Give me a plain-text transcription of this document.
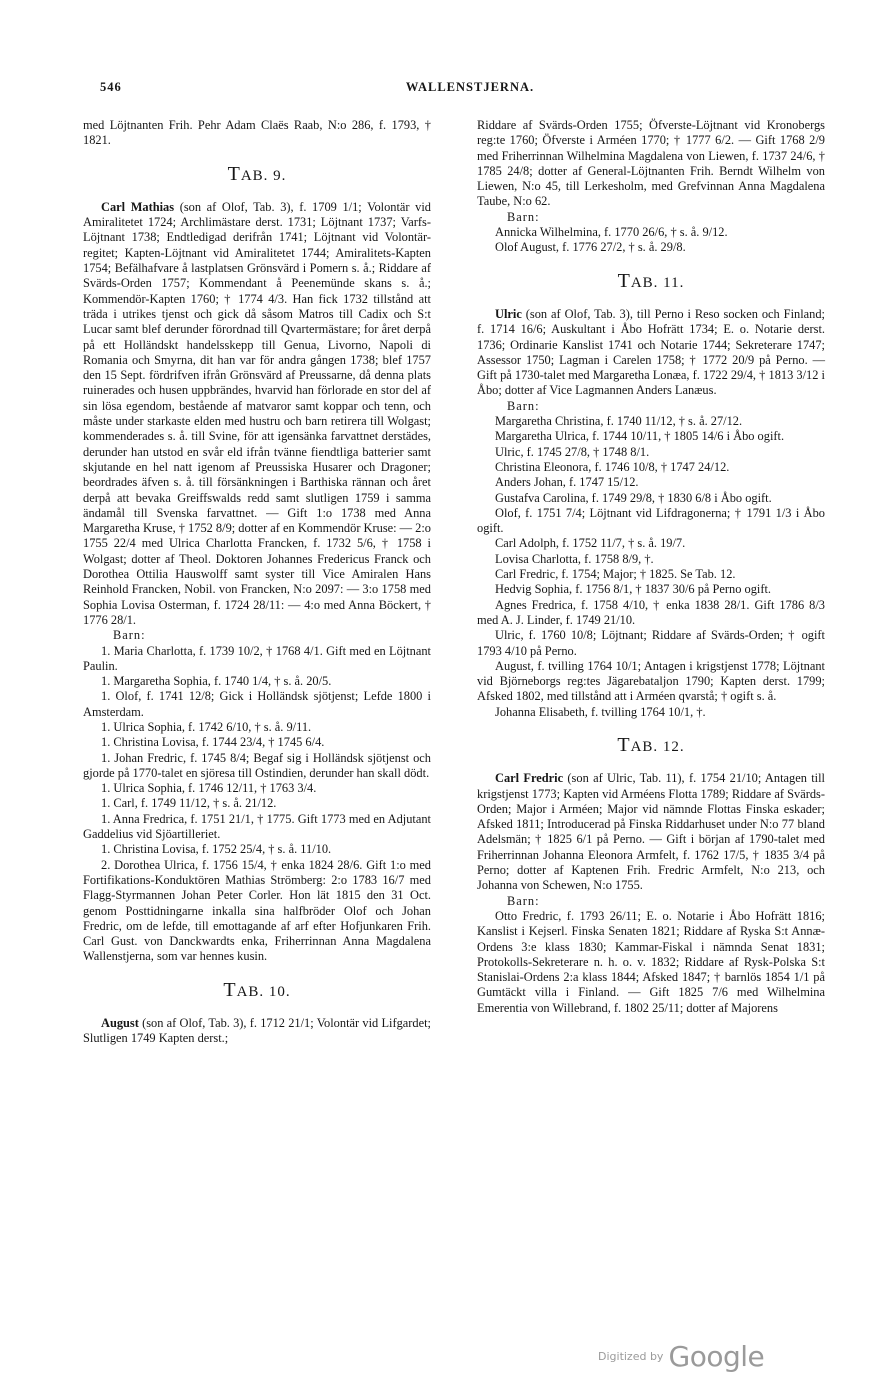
546	WALLENSTJERNA.

med Löjtnanten Frih. Pehr Adam Claës Raab, N:o 286, f. 1793, † 1821.

TAB. 9.

Carl Mathias (son af Olof, Tab. 3), f. 1709 1/1; Volontär vid Amiralitetet 1724; Archlimästare derst. 1731; Löjtnant 1737; Varfs-Löjtnant 1738; Endtledigad derifrån 1741; Löjtnant vid Volontär-regitet; Kapten-Löjtnant vid Amiralitetet 1744; Amiralitets-Kapten 1754; Befälhafvare å lastplatsen Grönsvärd i Pomern s. å.; Riddare af Svärds-Orden 1757; Kommendant å Peenemünde skans s. å.; Kommendör-Kapten 1760; † 1774 4/3. Han fick 1732 tillstånd att träda i utrikes tjenst och gick då såsom Matros till Cadix och S:t Lucar samt blef derunder förordnad till Qvartermästare; for året derpå på ett Holländskt handelsskepp till Genua, Livorno, Napoli di Romania och Smyrna, dit han var för andra gången 1738; blef 1757 den 15 Sept. fördrifven ifrån Grönsvärd af Preussarne, då denna plats ruinerades och husen uppbrändes, hvarvid han förlorade en stor del af sin lösa egendom, bestående af matvaror samt koppar och tenn, och måste under starkaste elden med hustru och barn retirera till Wolgast; kommenderades s. å. till Svine, för att igensänka farvattnet derstädes, derunder han utstod en svår eld ifrån tvänne fiendtliga batterier samt skjutande en hel natt igenom af Preussiska Husarer och Dragoner; beordrades äfven s. å. till försänkningen i Barthiska rännan och året derpå att bevaka Greiffswalds redd samt slutligen 1759 i samma ändamål till Svenska farvattnet. — Gift 1:o 1738 med Anna Margaretha Kruse, † 1752 8/9; dotter af en Kommendör Kruse: — 2:o 1755 22/4 med Ulrica Charlotta Francken, f. 1732 5/6, † 1758 i Wolgast; dotter af Theol. Doktoren Johannes Fredericus Franck och Dorothea Ottilia Hauswolff samt syster till Vice Amiralen Hans Reinhold Francken, Nobil. von Francken, N:o 2097: — 3:o 1758 med Sophia Lovisa Osterman, f. 1724 28/11: — 4:o med Anna Böckert, † 1776 28/1.

Barn:

1. Maria Charlotta, f. 1739 10/2, † 1768 4/1. Gift med en Löjtnant Paulin.

1. Margaretha Sophia, f. 1740 1/4, † s. å. 20/5.

1. Olof, f. 1741 12/8; Gick i Holländsk sjötjenst; Lefde 1800 i Amsterdam.

1. Ulrica Sophia, f. 1742 6/10, † s. å. 9/11.

1. Christina Lovisa, f. 1744 23/4, † 1745 6/4.

1. Johan Fredric, f. 1745 8/4; Begaf sig i Holländsk sjötjenst och gjorde på 1770-talet en sjöresa till Ostindien, derunder han skall dödt.

1. Ulrica Sophia, f. 1746 12/11, † 1763 3/4.

1. Carl, f. 1749 11/12, † s. å. 21/12.

1. Anna Fredrica, f. 1751 21/1, † 1775. Gift 1773 med en Adjutant Gaddelius vid Sjöartilleriet.

1. Christina Lovisa, f. 1752 25/4, † s. å. 11/10.

2. Dorothea Ulrica, f. 1756 15/4, † enka 1824 28/6. Gift 1:o med Fortifikations-Konduktören Mathias Strömberg: 2:o 1783 16/7 med Flagg-Styrmannen Johan Peter Corler. Hon lät 1815 den 31 Oct. genom Posttidningarne inkalla sina halfbröder Olof och Johan Fredric, om de lefde, till emottagande af arf efter Hofjunkaren Frih. Carl Gust. von Danckwardts enka, Friherrinnan Anna Magdalena Wallenstjerna, som var hennes kusin.

TAB. 10.

August (son af Olof, Tab. 3), f. 1712 21/1; Volontär vid Lifgardet; Slutligen 1749 Kapten derst.;

Riddare af Svärds-Orden 1755; Öfverste-Löjtnant vid Kronobergs reg:te 1760; Öfverste i Arméen 1770; † 1777 6/2. — Gift 1768 2/9 med Friherrinnan Wilhelmina Magdalena von Liewen, f. 1737 24/6, † 1785 24/8; dotter af General-Löjtnanten Frih. Berndt Wilhelm von Liewen, N:o 45, till Lerkesholm, med Grefvinnan Anna Magdalena Taube, N:o 62.

Barn:

Annicka Wilhelmina, f. 1770 26/6, † s. å. 9/12.

Olof August, f. 1776 27/2, † s. å. 29/8.

TAB. 11.

Ulric (son af Olof, Tab. 3), till Perno i Reso socken och Finland; f. 1714 16/6; Auskultant i Åbo Hofrätt 1734; E. o. Notarie derst. 1736; Ordinarie Kanslist 1741 och Notarie 1744; Sekreterare 1747; Assessor 1750; Lagman i Carelen 1758; † 1772 20/9 på Perno. — Gift på 1730-talet med Margaretha Lonæa, f. 1722 29/4, † 1813 3/12 i Åbo; dotter af Vice Lagmannen Anders Lanæus.

Barn:

Margaretha Christina, f. 1740 11/12, † s. å. 27/12.

Margaretha Ulrica, f. 1744 10/11, † 1805 14/6 i Åbo ogift.

Ulric, f. 1745 27/8, † 1748 8/1.

Christina Eleonora, f. 1746 10/8, † 1747 24/12.

Anders Johan, f. 1747 15/12.

Gustafva Carolina, f. 1749 29/8, † 1830 6/8 i Åbo ogift.

Olof, f. 1751 7/4; Löjtnant vid Lifdragonerna; † 1791 1/3 i Åbo ogift.

Carl Adolph, f. 1752 11/7, † s. å. 19/7.

Lovisa Charlotta, f. 1758 8/9, †.

Carl Fredric, f. 1754; Major; † 1825. Se Tab. 12.

Hedvig Sophia, f. 1756 8/1, † 1837 30/6 på Perno ogift.

Agnes Fredrica, f. 1758 4/10, † enka 1838 28/1. Gift 1786 8/3 med A. J. Linder, f. 1749 21/10.

Ulric, f. 1760 10/8; Löjtnant; Riddare af Svärds-Orden; † ogift 1793 4/10 på Perno.

August, f. tvilling 1764 10/1; Antagen i krigstjenst 1778; Löjtnant vid Björneborgs reg:tes Jägarebataljon 1790; Kapten derst. 1799; Afsked 1802, med tillstånd att i Arméen qvarstå; † ogift s. å.

Johanna Elisabeth, f. tvilling 1764 10/1, †.

TAB. 12.

Carl Fredric (son af Ulric, Tab. 11), f. 1754 21/10; Antagen till krigstjenst 1773; Kapten vid Arméens Flotta 1789; Riddare af Svärds-Orden; Major i Arméen; Major vid nämnde Flottas Finska eskader; Afsked 1811; Introducerad på Finska Riddarhuset under N:o 77 bland Adelsmän; † 1825 6/1 på Perno. — Gift i början af 1790-talet med Friherrinnan Johanna Eleonora Armfelt, f. 1762 17/5, † 1835 3/4 på Perno; dotter af Kaptenen Frih. Fredric Armfelt, N:o 213, och Johanna von Schewen, N:o 1755.

Barn:

Otto Fredric, f. 1793 26/11; E. o. Notarie i Åbo Hofrätt 1816; Kanslist i Kejserl. Finska Senaten 1821; Riddare af Ryska S:t Annæ-Ordens 3:e klass 1830; Kammar-Fiskal i nämnda Senat 1831; Protokolls-Sekreterare n. h. o. v. 1832; Riddare af Rysk-Polska S:t Stanislai-Ordens 2:a klass 1844; Afsked 1847; † barnlös 1854 1/1 på Gumtäckt villa i Finland. — Gift 1825 7/6 med Wilhelmina Emerentia von Willebrand, f. 1802 25/11; dotter af Majorens

Digitized by Google
